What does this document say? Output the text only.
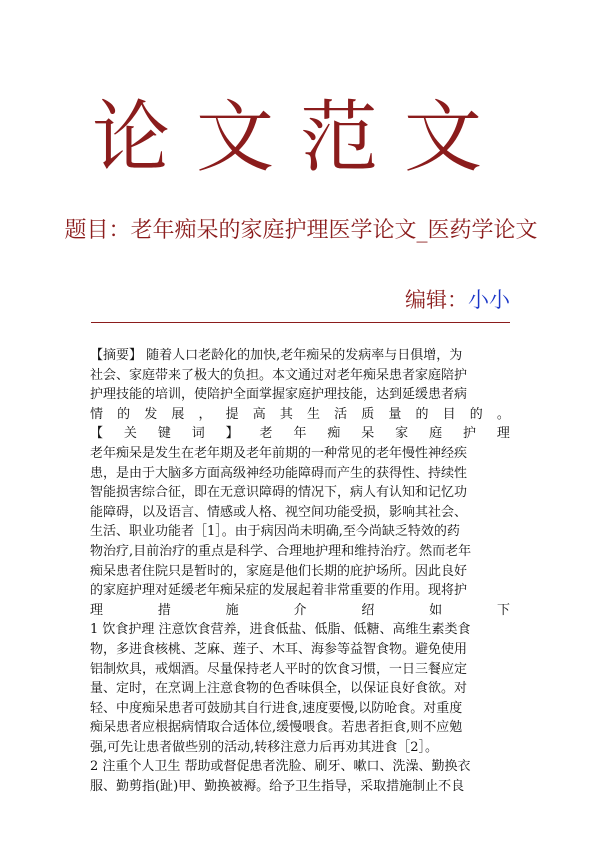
论文范文
题目：老年痴呆的家庭护理医学论文_医药学论文
编辑：小小
【摘要】 随着人口老龄化的加快,老年痴呆的发病率与日俱增，为
社会、家庭带来了极大的负担。本文通过对老年痴呆患者家庭陪护
护理技能的培训，使陪护全面掌握家庭护理技能，达到延缓患者病
情 的 发 展 ， 提 高 其 生 活 质 量 的 目 的 。
【 关 键 词 】 老 年 痴 呆 家 庭 护 理
老年痴呆是发生在老年期及老年前期的一种常见的老年慢性神经疾
患，是由于大脑多方面高级神经功能障碍而产生的获得性、持续性
智能损害综合征，即在无意识障碍的情况下，病人有认知和记忆功
能障碍，以及语言、情感或人格、视空间功能受损，影响其社会、
生活、职业功能者［1］。由于病因尚未明确,至今尚缺乏特效的药
物治疗,目前治疗的重点是科学、合理地护理和维持治疗。然而老年
痴呆患者住院只是暂时的，家庭是他们长期的庇护场所。因此良好
的家庭护理对延缓老年痴呆症的发展起着非常重要的作用。现将护
理	措	施	介	绍	如	下
1 饮食护理 注意饮食营养，进食低盐、低脂、低糖、高维生素类食
物，多进食核桃、芝麻、莲子、木耳、海参等益智食物。避免使用
铝制炊具，戒烟酒。尽量保持老人平时的饮食习惯，一日三餐应定
量、定时，在烹调上注意食物的色香味俱全，以保证良好食欲。对
轻、中度痴呆患者可鼓励其自行进食,速度要慢,以防呛食。对重度
痴呆患者应根据病情取合适体位,缓慢喂食。若患者拒食,则不应勉
强,可先让患者做些别的活动,转移注意力后再劝其进食［2］。
2 注重个人卫生 帮助或督促患者洗脸、刷牙、嗽口、洗澡、勤换衣
服、勤剪指(趾)甲、勤换被褥。给予卫生指导，采取措施制止不良
